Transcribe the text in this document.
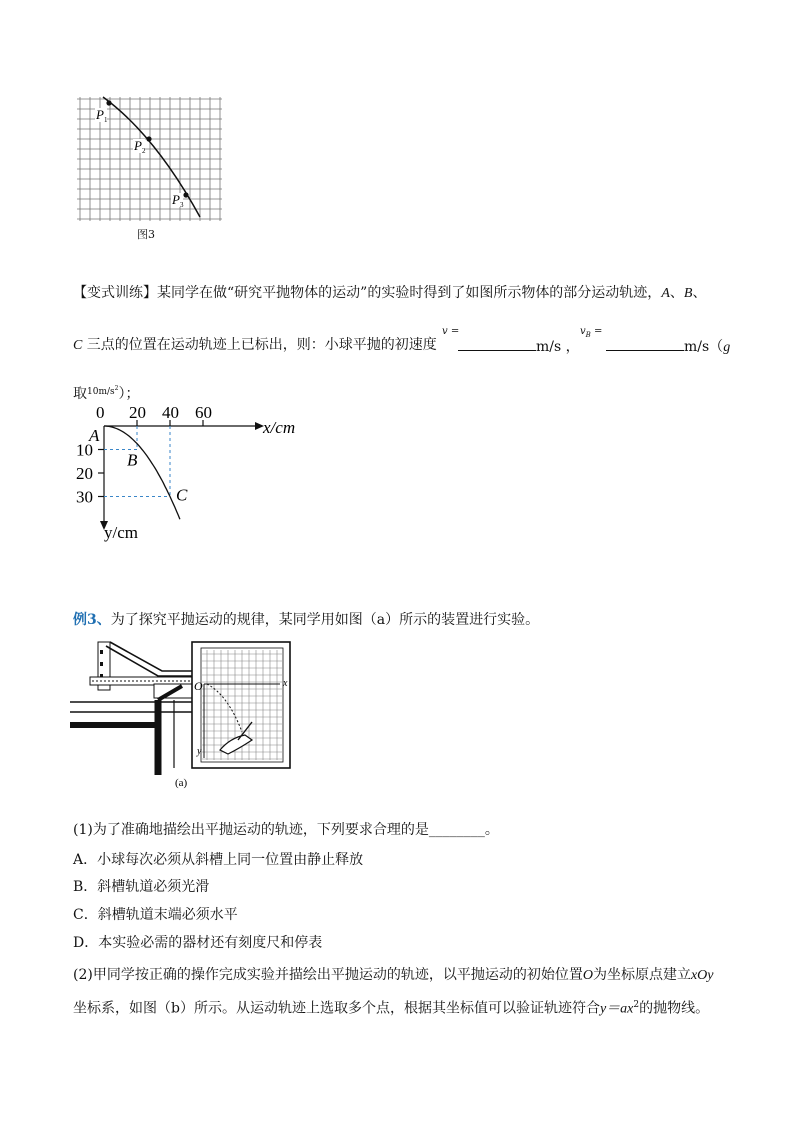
P 1
P 2
P 3
图3
【变式训练】某同学在做“研究平抛物体的运动”的实验时得到了如图所示物体的部分运动轨迹，A、B、
C 三点的位置在运动轨迹上已标出，则：小球平抛的初速度
v =
m/s ，
$v_B$ =
m/s（g
取$^{10m/s^2}$）；
0 20 40 60
10
20
30
A
B
C
x/cm
y/cm
例3、为了探究平抛运动的规律，某同学用如图（a）所示的装置进行实验。
O	x
y
(a)
(1)为了准确地描绘出平抛运动的轨迹，下列要求合理的是________。
A．小球每次必须从斜槽上同一位置由静止释放
B．斜槽轨道必须光滑
C．斜槽轨道末端必须水平
D．本实验必需的器材还有刻度尺和停表
(2)甲同学按正确的操作完成实验并描绘出平抛运动的轨迹，以平抛运动的初始位置O为坐标原点建立xOy
坐标系，如图（b）所示。从运动轨迹上选取多个点，根据其坐标值可以验证轨迹符合$y=ax^2$的抛物线。
